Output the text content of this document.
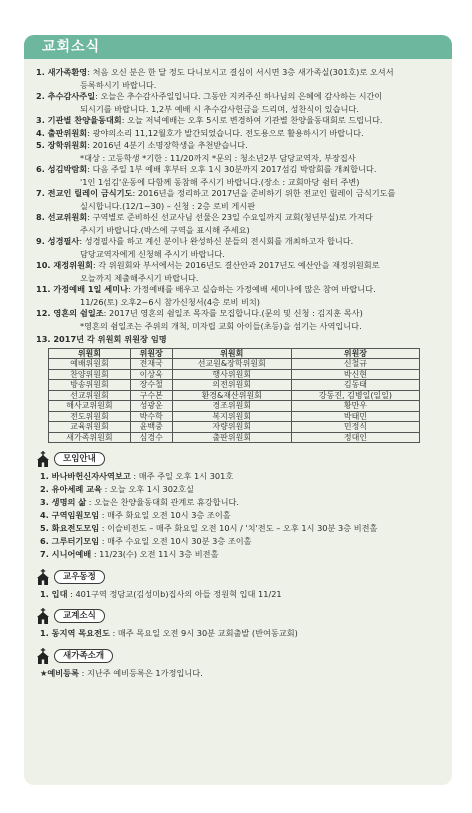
교회소식
1. 새가족환영 : 처음 오신 분은 한 달 정도 다니보시고 결심이 서시면 3층 새가족실(301호)로 오셔서
등록하시기 바랍니다.
2. 추수감사주일 : 오늘은 추수감사주일입니다. 그동안 지켜주신 하나님의 은혜에 감사하는 시간이
되시기를 바랍니다. 1,2부 예배 시 추수감사헌금을 드리며, 성찬식이 있습니다.
3. 기관별 찬양율동대회 : 오늘 저녁예배는 오후 5시로 변경하여 기관별 찬양율동대회로 드립니다.
4. 출판위원회 : 광야의소리 11,12월호가 발간되었습니다. 전도용으로 활용하시기 바랍니다.
5. 장학위원회 : 2016년 4분기 소명장학생을 추천받습니다.
*대상 : 고등학생 *기한 : 11/20까지 *문의 : 청소년2부 담당교역자, 부장집사
6. 성김박람회 : 다음 주일 1부 예배 후부터 오후 1시 30분까지 2017섬김 박람회를 개최합니다.
'1인 1섬김'운동에 다함께 동참해 주시기 바랍니다.(장소 : 교회마당 쉼터 주변)
7. 전교인 릴레이 금식기도 : 2016년을 정리하고 2017년을 준비하기 위한 전교인 릴레이 금식기도를
실시합니다.(12/1~30) – 신청 : 2층 로비 게시판
8. 선교위원회 : 구역별로 준비하신 선교사님 선물은 23일 수요일까지 교회(청년부실)로 가져다
주시기 바랍니다.(박스에 구역을 표시해 주세요)
9. 성경필사 : 성경필사를 하고 계신 분이나 완성하신 분들의 전시회를 개최하고자 합니다.
담당교역자에게 신청해 주시기 바랍니다.
10. 재정위원회 : 각 위원회와 부서에서는 2016년도 결산안과 2017년도 예산안을 재정위원회로
오늘까지 제출해주시기 바랍니다.
11. 가정예배 1일 세미나 : 가정예배를 배우고 실습하는 가정예배 세미나에 많은 참여 바랍니다.
11/26(토) 오후2~6시 참가신청서(4층 로비 비치)
12. 영혼의 쉼일조 : 2017년 영혼의 쉼일조 목자를 모집합니다.(문의 및 신청 : 김지훈 목사)
*영혼의 쉼일조는 주위의 개척, 미자립 교회 아이들(초등)을 섬기는 사역입니다.
13. 2017년 각 위원회 위원장 임명
위원회	위원장	위원회	위원장
예배위원회	전재국	선교원&장학위원회	신철규
찬양위원회	이상욱	행사위원회	박신현
방송위원회	장수철	의전위원회	김동태
선교위원회	구수본	환경&재산위원회	강동진, 김병일(일일)
해사교위원회	성광운	경조위원회	황만우
전도위원회	박수학	복지위원회	박태민
교육위원회	윤백중	자량위원회	민정식
새가족위원회	심경수	출판위원회	정대인
모임안내
1. 바나바헌신자사역보고 : 매주 주일 오후 1시 301호
2. 유아세례 교육 : 오늘 오후 1시 302호실
3. 생명의 삶 : 오늘은 찬양율동대회 관계로 휴강합니다.
4. 구역임원모임 : 매주 화요일 오전 10시 3층 조이홀
5. 화요전도모임 : 이슬비전도 – 매주 화요일 오전 10시 / '치'전도 – 오후 1시 30분 3층 비전홀
6. 그루터기모임 : 매주 수요일 오전 10시 30분 3층 조이홀
7. 시니어예배 : 11/23(수) 오전 11시 3층 비전홀
교우동정
1. 입대 : 401구역 정담교(김성미b)집사의 아들 정원혁 입대 11/21
교계소식
1. 동지역 목요전도 : 매주 목요일 오전 9시 30분 교회출발 (반여동교회)
새가족소개
★예비등록 : 지난주 예비등록은 1가정입니다.
